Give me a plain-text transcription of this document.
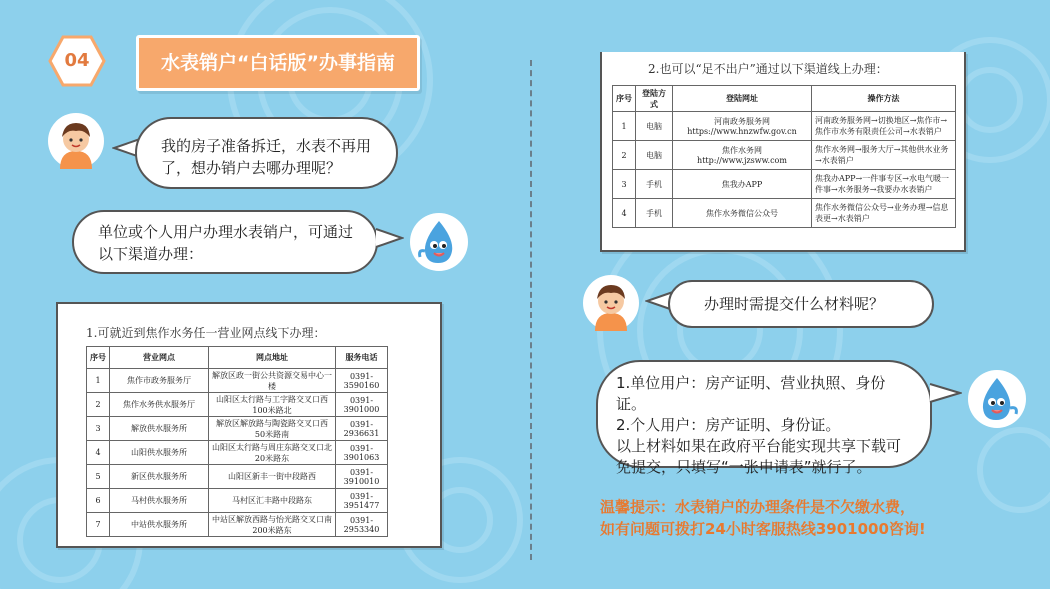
04	水表销户“白话版”办事指南
我的房子准备拆迁，水表不再用了，想办销户去哪办理呢？
单位或个人用户办理水表销户，可通过以下渠道办理：
1.可就近到焦作水务任一营业网点线下办理：
序号	营业网点	网点地址	服务电话
1	焦作市政务服务厅	解放区政一街公共资源交易中心一楼	0391-3590160
2	焦作水务供水服务厅	山阳区太行路与工字路交叉口西100米路北	0391-3901000
3	解放供水服务所	解放区解放路与陶瓷路交叉口西50米路南	0391-2936631
4	山阳供水服务所	山阳区太行路与周庄东路交叉口北20米路东	0391-3901063
5	新区供水服务所	山阳区新丰一街中段路西	0391-3910010
6	马村供水服务所	马村区汇丰路中段路东	0391-3951477
7	中站供水服务所	中站区解放西路与怡光路交叉口南200米路东	0391-2953340
2.也可以“足不出户”通过以下渠道线上办理：
序号	登陆方式	登陆网址	操作方法
1	电脑	河南政务服务网 https://www.hnzwfw.gov.cn	河南政务服务网→切换地区→焦作市→焦作市水务有限责任公司→水表销户
2	电脑	焦作水务网 http://www.jzsww.com	焦作水务网→服务大厅→其他供水业务→水表销户
3	手机	焦我办APP	焦我办APP→一件事专区→水电气暖一件事→水务服务→我要办水表销户
4	手机	焦作水务微信公众号	焦作水务微信公众号→业务办理→信息表更→水表销户
办理时需提交什么材料呢？
1.单位用户：房产证明、营业执照、身份证。
2.个人用户：房产证明、身份证。
以上材料如果在政府平台能实现共享下载可免提交，只填写“一张申请表”就行了。
温馨提示：水表销户的办理条件是不欠缴水费，
如有问题可拨打24小时客服热线3901000咨询!
